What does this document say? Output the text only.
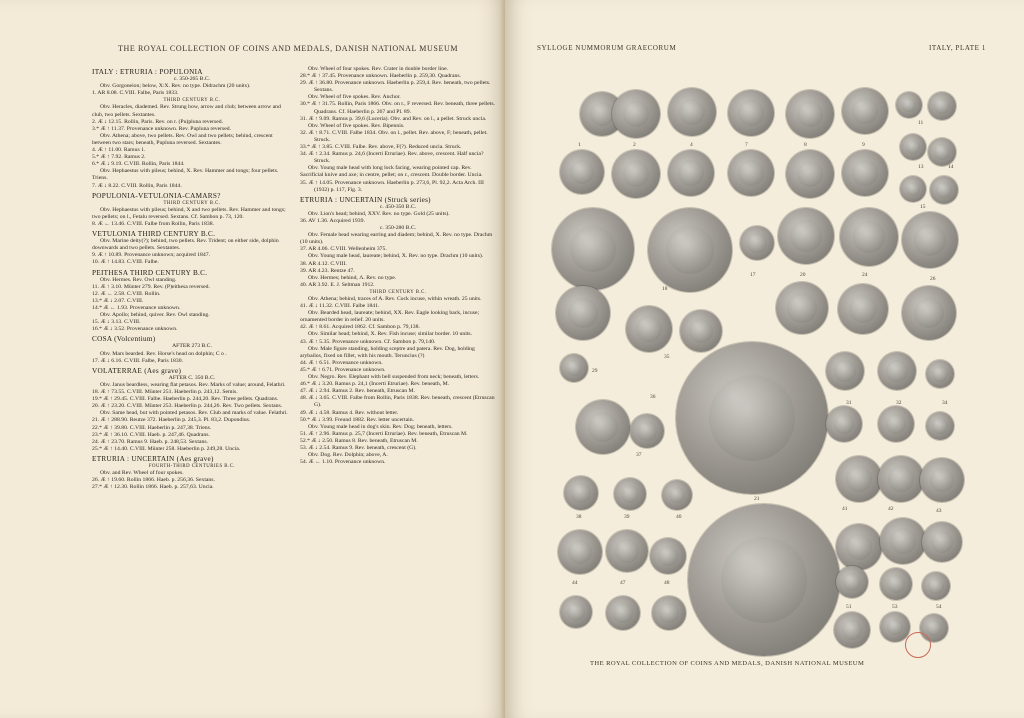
THE ROYAL COLLECTION OF COINS AND MEDALS, DANISH NATIONAL MUSEUM

ITALY : ETRURIA : POPULONIA

c. 350-265 B.C.

Obv. Gorgoneion; below, X:X. Rev. no type. Didrachm (20 units).

1. AR 8.08. C.VIII. Falbe, Paris 1833.

THIRD CENTURY B.C.

Obv. Heracles, diademed. Rev. Strung bow, arrow and club; between arrow and club, two pellets. Sextantes.

2. Æ ↓ 12.15. Rollin, Paris. Rev. on r. (Pu)pluna reversed.

3.* Æ ↑ 11.37. Provenance unknown. Rev. Pupluna reversed.

Obv. Athena; above, two pellets. Rev. Owl and two pellets; behind, crescent between two stars; beneath, Pupluna reversed. Sextantes.

4. Æ ↑ 11.00. Ramus 1.

5.* Æ ↑ 7.92. Ramus 2.

6.* Æ ↓ 9.19. C.VIII. Rollin, Paris 1844.

Obv. Hephaestus with pileus; behind, X. Rev. Hammer and tongs; four pellets. Triens.

7. Æ ↓ 8.22. C.VIII. Rollin, Paris 1844.

POPULONIA-VETULONIA-CAMARS?

THIRD CENTURY B.C.

Obv. Hephaestus with pileus; behind, X and two pellets. Rev. Hammer and tongs; two pellets; on l., Fetalu reversed. Sextans. Cf. Sambon p. 73, 120.

8. Æ ← 13.46. C.VIII. Falbe from Rollin, Paris 1838.

VETULONIA THIRD CENTURY B.C.

Obv. Marine deity(?); behind, two pellets. Rev. Trident; on either side, dolphin downwards and two pellets. Sextantes.

9. Æ ↑ 10.89. Provenance unknown; acquired 1847.

10. Æ ↑ 14.83. C.VIII. Falbe.

PEITHESA THIRD CENTURY B.C.

Obv. Hermes. Rev. Owl standing.

11. Æ ↑ 3.10. Münter 279. Rev. (P)eithesa reversed.

12. Æ ← 2.58. C.VIII. Rollin.

13.* Æ ↓ 2.07. C.VIII.

14.* Æ ← 1.93. Provenance unknown.

Obv. Apollo; behind, quiver. Rev. Owl standing.

15. Æ ↓ 3.13. C.VIII.

16.* Æ ↓ 3.52. Provenance unknown.

COSA (Volcentium)

AFTER 273 B.C.

Obv. Mars bearded. Rev. Horse's head on dolphin; C o .

17. Æ ↓ 6.16. C.VIII. Falbe, Paris 1830.

VOLATERRAE (Aes grave)

AFTER C. 350 B.C.

Obv. Janus beardless, wearing flat petasos. Rev. Marks of value; around, Felathri.

18. Æ ↑ 73.55. C.VIII. Münter 251. Haeberlin p. 243,12. Semis.

19.* Æ ↑ 29.45. C.VIII. Falbe. Haeberlin p. 244,20. Rev. Three pellets. Quadrans.

20. Æ ↑ 23.20. C.VIII. Münter 253. Haeberlin p. 244,26. Rev. Two pellets. Sextans.

Obv. Same head, but with pointed petasos. Rev. Club and marks of value. Felathri.

21. Æ ↑ 288.90. Reutze 372. Haeberlin p. 245,3. Pl. 83,2. Dupondius.

22.* Æ ↑ 39.80. C.VIII. Haeberlin p. 247,38. Triens.

23.* Æ ↑ 36.10. C.VIII. Haeb. p. 247,46. Quadrans.

24. Æ ↑ 23.70. Ramus 9. Haeb. p. 248,53. Sextans.

25.* Æ ↑ 14.40. C.VIII. Münter 258. Haeberlin p. 249,28. Uncia.

ETRURIA : UNCERTAIN (Aes grave)

FOURTH-THIRD CENTURIES B.C.

Obv. and Rev. Wheel of four spokes.

26. Æ ↑ 19.60. Rollin 1866. Haeb. p. 256,36. Sextans.

27.* Æ ↑ 12.30. Rollin 1866. Haeb. p. 257,63. Uncia.

Obv. Wheel of four spokes. Rev. Crater in double border line.

28.* Æ ↑ 37.45. Provenance unknown. Haeberlin p. 259,30. Quadrans.

29. Æ ↑ 36.80. Provenance unknown. Haeberlin p. 259,4. Rev. beneath, two pellets. Sextans.

Obv. Wheel of five spokes. Rev. Anchor.

30.* Æ ↑ 31.75. Rollin, Paris 1866. Obv. on r., F reversed. Rev. beneath, three pellets. Quadrans. Cf. Haeberlin p. 267 and Pl. 89.

31. Æ ↑ 9.09. Ramus p. 39,6 (Luceria). Obv. and Rev. on l., a pellet. Struck uncia.

Obv. Wheel of five spokes. Rev. Bipennis.

32. Æ ↑ 8.71. C.VIII. Falbe 1834. Obv. on l., pellet. Rev. above, F; beneath, pellet. Struck.

33.* Æ ↑ 3.85. C.VIII. Falbe. Rev. above, F(?). Reduced uncia. Struck.

34. Æ ↑ 2.34. Ramus p. 24,6 (Incerti Etruriae). Rev. above, crescent. Half uncia? Struck.

Obv. Young male head with long lock facing, wearing pointed cap. Rev. Sacrificial knive and axe; in centre, pellet; on r., crescent. Double border. Uncia.

35. Æ ↑ 14.05. Provenance unknown. Haeberlin p. 273,6, Pl. 92,2. Acta Arch. III (1932) p. 117, Fig. 3.

ETRURIA : UNCERTAIN (Struck series)

c. 450-350 B.C.

Obv. Lion's head; behind, XXV. Rev. no type. Gold (25 units).

36. AV 1.36. Acquired 1939.

c. 350-280 B.C.

Obv. Female head wearing earring and diadem; behind, X. Rev. no type. Drachm (10 units).

37. AR 4.06. C.VIII. Wellenheim 375.

Obv. Young male head, laureate; behind, X. Rev. no type. Drachm (10 units).

38. AR 4.12. C.VIII.

39. AR 4.23. Rentze 47.

Obv. Hermes; behind, Λ. Rev. no type.

40. AR 3.92. E. J. Seltman 1912.

THIRD CENTURY B.C.

Obv. Athena; behind, traces of A. Rev. Cock incuse, within wreath. 25 units.

41. Æ ↓ 11.32. C.VIII. Falbe 1841.

Obv. Bearded head, laureate; behind, XX. Rev. Eagle looking back, incuse; ornamented border in relief. 20 units.

42. Æ ↑ 8.61. Acquired 1862. Cf. Sambon p. 79,138.

Obv. Similar head; behind, X. Rev. Fish incuse; similar border. 10 units.

43. Æ ↑ 5.35. Provenance unknown. Cf. Sambon p. 79,140.

Obv. Male figure standing, holding sceptre and patera. Rev. Dog, holding arybailos, fixed on fillet, with his mouth. Teruncius (?)

44. Æ ↑ 6.51. Provenance unknown.

45.* Æ ↑ 6.71. Provenance unknown.

Obv. Negro. Rev. Elephant with bell suspended from neck; beneath, letters.

46.* Æ ↓ 3.20. Ramus p. 24,1 (Incerti Etruriae). Rev. beneath, M.

47. Æ ↓ 2.94. Ramus 2. Rev. beneath, Etruscan M.

48. Æ ↓ 3.65. C.VIII. Falbe from Rollin, Paris 1838. Rev. beneath, crescent (Etruscan G).

49. Æ ↓ 4.58. Ramus 4. Rev. without letter.

50.* Æ ↓ 3.99. Freund 1882. Rev. letter uncertain.

Obv. Young male head in dog's skin. Rev. Dog; beneath, letters.

51. Æ ↑ 2.96. Ramus p. 25,7 (Incerti Etruriae). Rev. beneath, Etruscan M.

52.* Æ ↓ 2.50. Ramus 8. Rev. beneath, Etruscan M.

53. Æ ↓ 2.54. Ramus 9. Rev. beneath, crescent (G).

Obv. Dog. Rev. Dolphin; above, A.

54. Æ ← 1.10. Provenance unknown.

SYLLOGE NUMMORUM GRAECORUM	ITALY, PLATE 1
1	2	4	7	8	9
11
13	14
15
17
18
20	24
26
29
35
36
31	32	34
37
38	39	40
21
41	42	43
44	47	48
51	53	54
THE ROYAL COLLECTION OF COINS AND MEDALS, DANISH NATIONAL MUSEUM
